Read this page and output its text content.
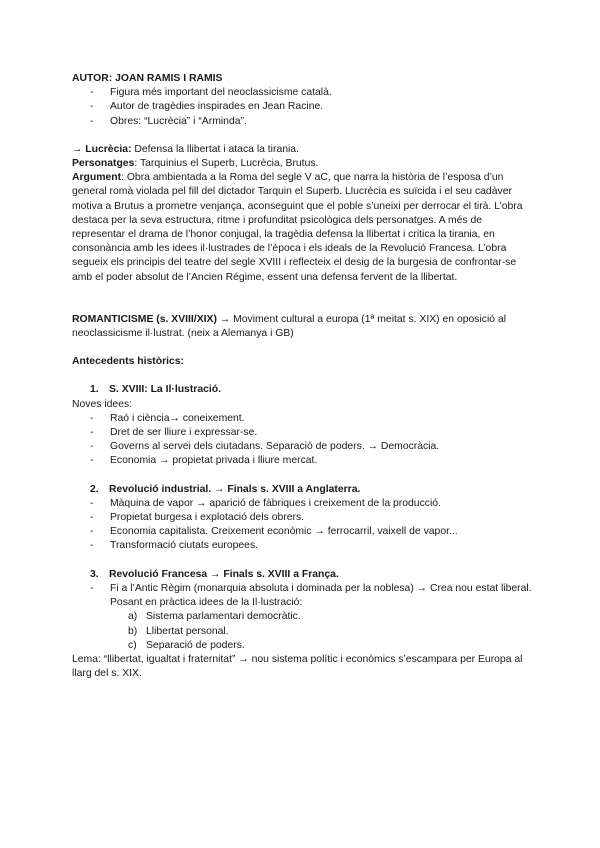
AUTOR: JOAN RAMIS I RAMIS

- Figura més important del neoclassicisme català.
- Autor de tragèdies inspirades en Jean Racine.
- Obres: “Lucrècia” i “Arminda”.

→ Lucrècia: Defensa la llibertat i ataca la tirania.

Personatges: Tarquinius el Superb, Lucrècia, Brutus.

Argument: Obra ambientada a la Roma del segle V aC, que narra la història de l’esposa d’un general romà violada pel fill del dictador Tarquin el Superb. Llucrècia es suïcida i el seu cadàver motiva a Brutus a prometre venjança, aconseguint que el poble s’uneixi per derrocar el tirà. L’obra destaca per la seva estructura, ritme i profunditat psicològica dels personatges. A més de representar el drama de l’honor conjugal, la tragèdia defensa la llibertat i critica la tirania, en consonància amb les idees il·lustrades de l’època i els ideals de la Revolució Francesa. L’obra segueix els principis del teatre del segle XVIII i reflecteix el desig de la burgesia de confrontar-se amb el poder absolut de l’Ancien Régime, essent una defensa fervent de la llibertat.

ROMANTICISME (s. XVIII/XIX) → Moviment cultural a europa (1ª meitat s. XIX) en oposició al neoclassicisme il·lustrat. (neix a Alemanya i GB)

Antecedents històrics:

1. S. XVIII: La Il·lustració.

Noves idees:

- Raó i ciència→ coneixement.
- Dret de ser lliure i expressar-se.
- Governs al servei dels ciutadans. Separació de poders. → Democràcia.
- Economia → propietat privada i lliure mercat.

2. Revolució industrial. → Finals s. XVIII a Anglaterra.

- Màquina de vapor → aparició de fàbriques i creixement de la producció.
- Propietat burgesa i explotació dels obrers.
- Economia capitalista. Creixement econòmic → ferrocarril, vaixell de vapor...
- Transformació ciutats europees.

3. Revolució Francesa → Finals s. XVIII a França.

- Fi a l’Antic Règim (monarquia absoluta i dominada per la noblesa) → Crea nou estat liberal. Posant en pràctica idees de la Il·lustració:

a) Sistema parlamentari democràtic.

b) Llibertat personal.

c) Separació de poders.

Lema: “llibertat, igualtat i fraternitat” → nou sistema polític i econòmics s’escampara per Europa al llarg del s. XIX.
